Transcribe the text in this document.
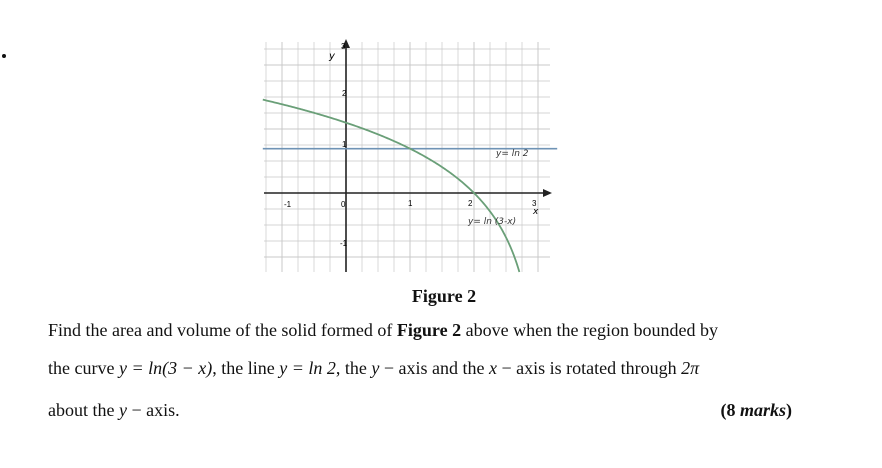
-1	0	1	2	3
3
2
1
-1
y
x
y= ln 2
y= ln (3-x)
Figure 2
Find the area and volume of the solid formed of Figure 2 above when the region bounded by
the curve y = ln(3 − x), the line y = ln 2, the y − axis and the x − axis is rotated through 2π
about the y − axis.	(8 marks)
